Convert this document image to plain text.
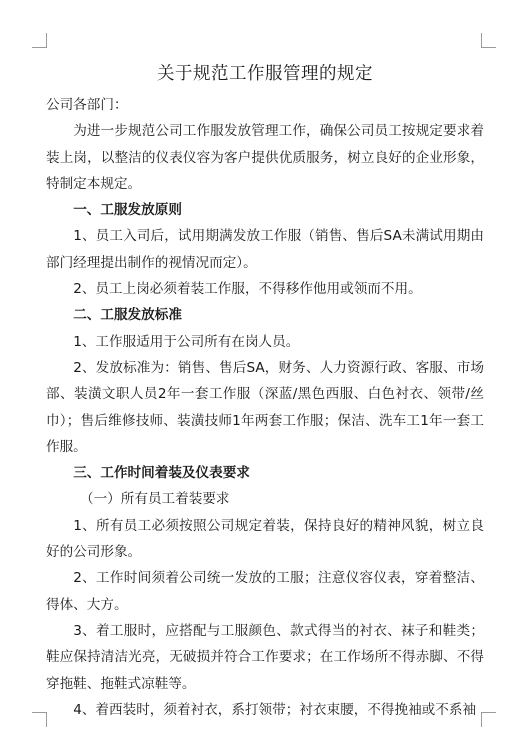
关于规范工作服管理的规定

公司各部门：

为进一步规范公司工作服发放管理工作，确保公司员工按规定要求着装上岗，以整洁的仪表仪容为客户提供优质服务，树立良好的企业形象，特制定本规定。

一、工服发放原则

1、员工入司后，试用期满发放工作服（销售、售后SA未满试用期由部门经理提出制作的视情况而定）。

2、员工上岗必须着装工作服，不得移作他用或领而不用。

二、工服发放标准

1、工作服适用于公司所有在岗人员。

2、发放标准为：销售、售后SA，财务、人力资源行政、客服、市场部、装潢文职人员2年一套工作服（深蓝/黑色西服、白色衬衣、领带/丝巾）；售后维修技师、装潢技师1年两套工作服；保洁、洗车工1年一套工作服。

三、工作时间着装及仪表要求

（一）所有员工着装要求

1、所有员工必须按照公司规定着装，保持良好的精神风貌，树立良好的公司形象。

2、工作时间须着公司统一发放的工服；注意仪容仪表，穿着整洁、得体、大方。

3、着工服时，应搭配与工服颜色、款式得当的衬衣、袜子和鞋类；鞋应保持清洁光亮，无破损并符合工作要求；在工作场所不得赤脚、不得穿拖鞋、拖鞋式凉鞋等。

4、着西装时，须着衬衣，系打领带；衬衣束腰，不得挽袖或不系袖
